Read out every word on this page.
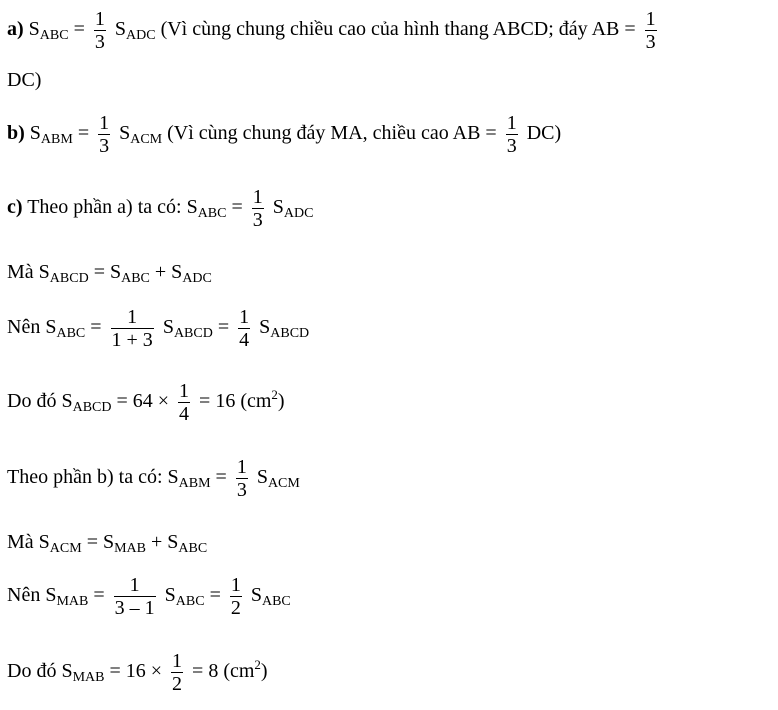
a) $S_{ABC} = \frac{1}{3} S_{ADC}$ (Vì cùng chung chiều cao của hình thang ABCD; đáy AB = $\frac{1}{3}$
DC)
b) $S_{ABM} = \frac{1}{3} S_{ACM}$ (Vì cùng chung đáy MA, chiều cao AB = $\frac{1}{3} DC$)
c) Theo phần a) ta có: $S_{ABC} = \frac{1}{3} S_{ADC}$
Mà $S_{ABCD} = S_{ABC} + S_{ADC}$
Nên $S_{ABC} = \frac{1}{1 + 3} S_{ABCD} = \frac{1}{4} S_{ABCD}$
Do đó $S_{ABCD} = 64 \times \frac{1}{4} = 16$ $(cm^2)$
Theo phần b) ta có: $S_{ABM} = \frac{1}{3} S_{ACM}$
Mà $S_{ACM} = S_{MAB} + S_{ABC}$
Nên $S_{MAB} = \frac{1}{3 - 1} S_{ABC} = \frac{1}{2} S_{ABC}$
Do đó $S_{MAB} = 16 \times \frac{1}{2} = 8$ $(cm^2)$
